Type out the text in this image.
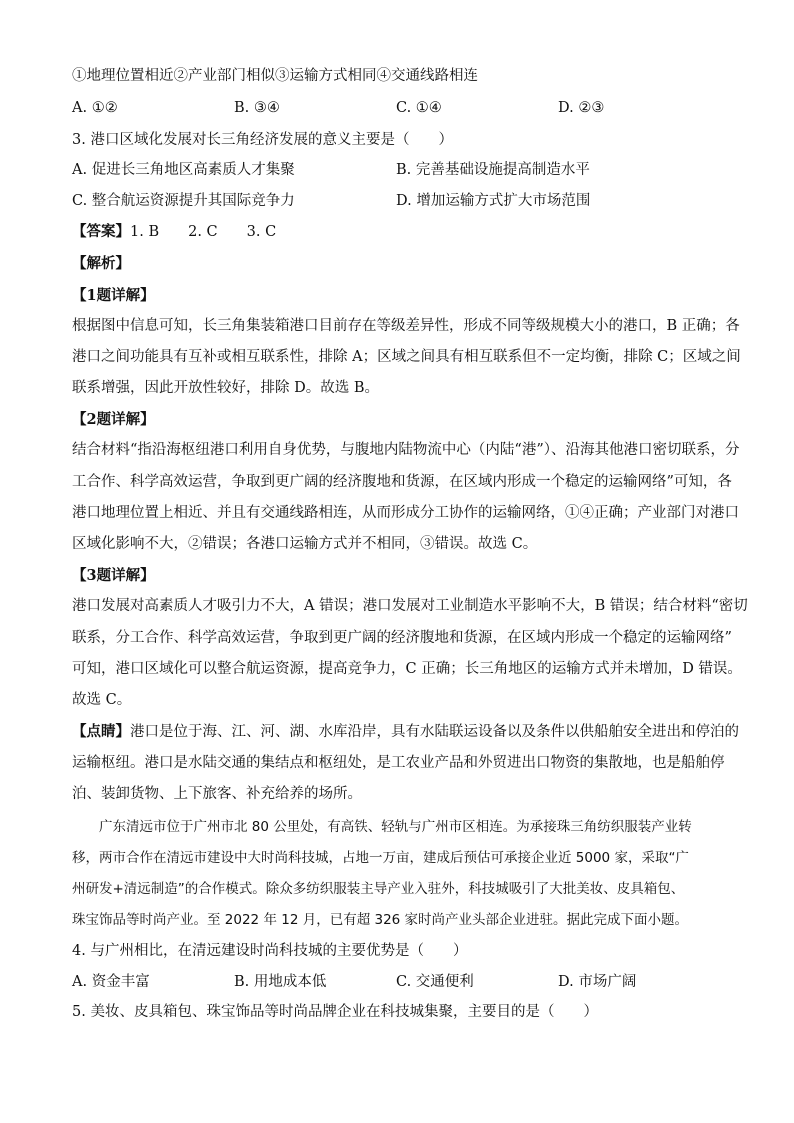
①地理位置相近②产业部门相似③运输方式相同④交通线路相连
A. ①②	B. ③④	C. ①④	D. ②③
3. 港口区域化发展对长三角经济发展的意义主要是（　　）
A. 促进长三角地区高素质人才集聚	B. 完善基础设施提高制造水平
C. 整合航运资源提升其国际竞争力	D. 增加运输方式扩大市场范围
【答案】1. B　　2. C　　3. C
【解析】
【1题详解】
根据图中信息可知，长三角集装箱港口目前存在等级差异性，形成不同等级规模大小的港口，B 正确；各
港口之间功能具有互补或相互联系性，排除 A；区域之间具有相互联系但不一定均衡，排除 C；区域之间
联系增强，因此开放性较好，排除 D。故选 B。
【2题详解】
结合材料“指沿海枢纽港口利用自身优势，与腹地内陆物流中心（内陆“港”）、沿海其他港口密切联系，分
工合作、科学高效运营，争取到更广阔的经济腹地和货源，在区域内形成一个稳定的运输网络”可知，各
港口地理位置上相近、并且有交通线路相连，从而形成分工协作的运输网络，①④正确；产业部门对港口
区域化影响不大，②错误；各港口运输方式并不相同，③错误。故选 C。
【3题详解】
港口发展对高素质人才吸引力不大，A 错误；港口发展对工业制造水平影响不大，B 错误；结合材料“密切
联系，分工合作、科学高效运营，争取到更广阔的经济腹地和货源，在区域内形成一个稳定的运输网络”
可知，港口区域化可以整合航运资源，提高竞争力，C 正确；长三角地区的运输方式并未增加，D 错误。
故选 C。
【点睛】港口是位于海、江、河、湖、水库沿岸，具有水陆联运设备以及条件以供船舶安全进出和停泊的
运输枢纽。港口是水陆交通的集结点和枢纽处，是工农业产品和外贸进出口物资的集散地，也是船舶停
泊、装卸货物、上下旅客、补充给养的场所。
　　广东清远市位于广州市北 80 公里处，有高铁、轻轨与广州市区相连。为承接珠三角纺织服装产业转
移，两市合作在清远市建设中大时尚科技城，占地一万亩，建成后预估可承接企业近 5000 家，采取“广
州研发+清远制造”的合作模式。除众多纺织服装主导产业入驻外，科技城吸引了大批美妆、皮具箱包、
珠宝饰品等时尚产业。至 2022 年 12 月，已有超 326 家时尚产业头部企业进驻。据此完成下面小题。
4. 与广州相比，在清远建设时尚科技城的主要优势是（　　）
A. 资金丰富	B. 用地成本低	C. 交通便利	D. 市场广阔
5. 美妆、皮具箱包、珠宝饰品等时尚品牌企业在科技城集聚，主要目的是（　　）
